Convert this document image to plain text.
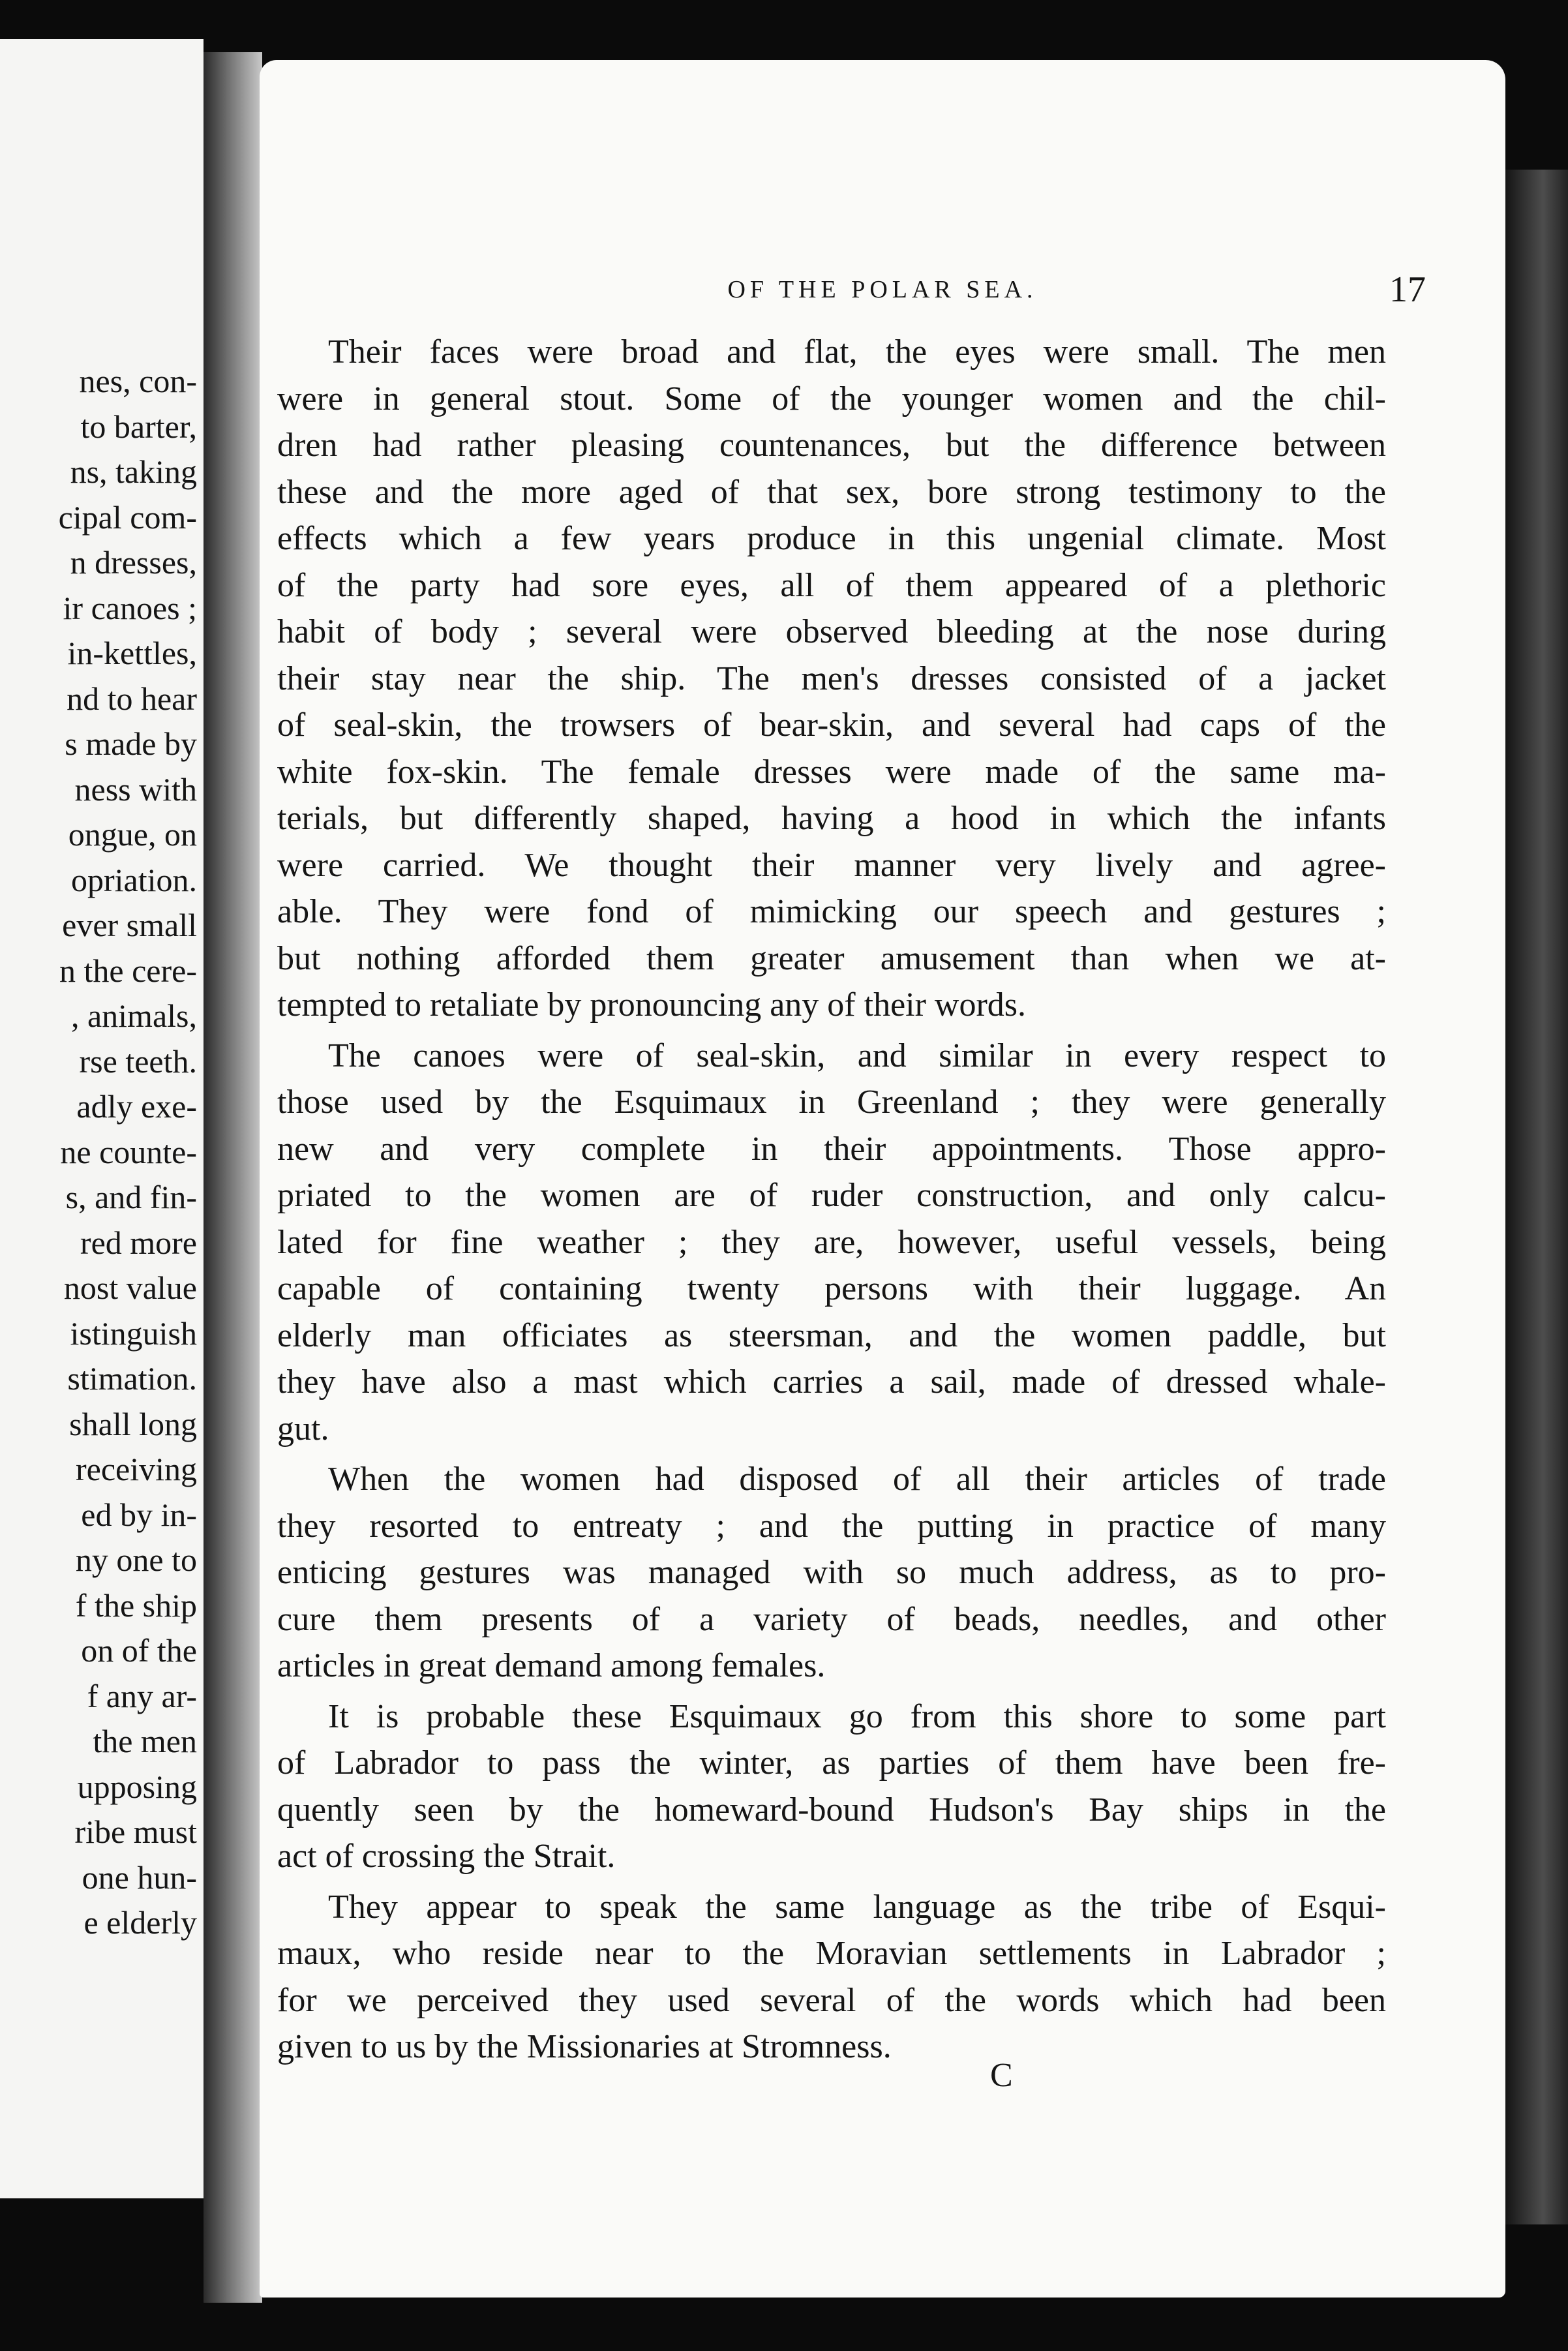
nes, con-
to barter,
ns, taking
cipal com-
n dresses,
ir canoes ;
in-kettles,
nd to hear
s made by
ness with
ongue, on
opriation.
ever small
n the cere-
, animals,
rse teeth.
adly exe-
ne counte-
s, and fin-
red more
nost value
istinguish
stimation.
shall long
receiving
ed by in-
ny one to
f the ship
on of the
f any ar-
the men
upposing
ribe must
one hun-
e elderly
OF THE POLAR SEA.	17
Their faces were broad and flat, the eyes were small. The men
were in general stout. Some of the younger women and the chil-
dren had rather pleasing countenances, but the difference between
these and the more aged of that sex, bore strong testimony to the
effects which a few years produce in this ungenial climate. Most
of the party had sore eyes, all of them appeared of a plethoric
habit of body ; several were observed bleeding at the nose during
their stay near the ship. The men's dresses consisted of a jacket
of seal-skin, the trowsers of bear-skin, and several had caps of the
white fox-skin. The female dresses were made of the same ma-
terials, but differently shaped, having a hood in which the infants
were carried. We thought their manner very lively and agree-
able. They were fond of mimicking our speech and gestures ;
but nothing afforded them greater amusement than when we at-
tempted to retaliate by pronouncing any of their words.
The canoes were of seal-skin, and similar in every respect to
those used by the Esquimaux in Greenland ; they were generally
new and very complete in their appointments. Those appro-
priated to the women are of ruder construction, and only calcu-
lated for fine weather ; they are, however, useful vessels, being
capable of containing twenty persons with their luggage. An
elderly man officiates as steersman, and the women paddle, but
they have also a mast which carries a sail, made of dressed whale-
gut.
When the women had disposed of all their articles of trade
they resorted to entreaty ; and the putting in practice of many
enticing gestures was managed with so much address, as to pro-
cure them presents of a variety of beads, needles, and other
articles in great demand among females.
It is probable these Esquimaux go from this shore to some part
of Labrador to pass the winter, as parties of them have been fre-
quently seen by the homeward-bound Hudson's Bay ships in the
act of crossing the Strait.
They appear to speak the same language as the tribe of Esqui-
maux, who reside near to the Moravian settlements in Labrador ;
for we perceived they used several of the words which had been
given to us by the Missionaries at Stromness.
C
